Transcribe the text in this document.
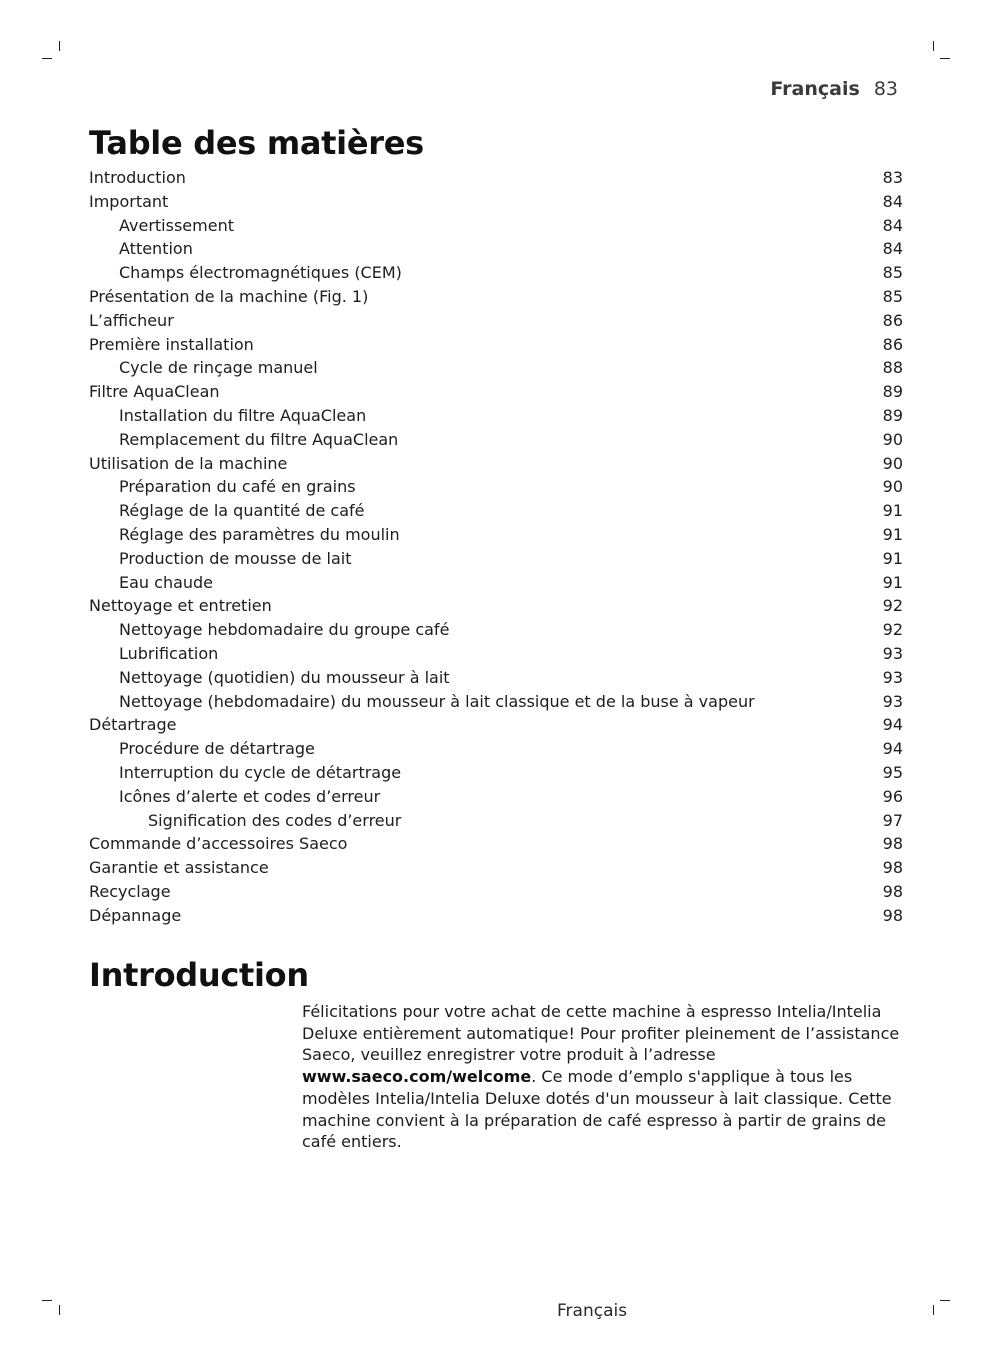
Français 83
Table des matières
Introduction	83
Important	84
Avertissement	84
Attention	84
Champs électromagnétiques (CEM)	85
Présentation de la machine (Fig. 1)	85
L’afficheur	86
Première installation	86
Cycle de rinçage manuel	88
Filtre AquaClean	89
Installation du filtre AquaClean	89
Remplacement du filtre AquaClean	90
Utilisation de la machine	90
Préparation du café en grains	90
Réglage de la quantité de café	91
Réglage des paramètres du moulin	91
Production de mousse de lait	91
Eau chaude	91
Nettoyage et entretien	92
Nettoyage hebdomadaire du groupe café	92
Lubrification	93
Nettoyage (quotidien) du mousseur à lait	93
Nettoyage (hebdomadaire) du mousseur à lait classique et de la buse à vapeur	93
Détartrage	94
Procédure de détartrage	94
Interruption du cycle de détartrage	95
Icônes d’alerte et codes d’erreur	96
Signification des codes d’erreur	97
Commande d’accessoires Saeco	98
Garantie et assistance	98
Recyclage	98
Dépannage	98
Introduction

Félicitations pour votre achat de cette machine à espresso Intelia/Intelia Deluxe entièrement automatique! Pour profiter pleinement de l’assistance Saeco, veuillez enregistrer votre produit à l’adresse www.saeco.com/welcome. Ce mode d’emplo s'applique à tous les modèles Intelia/Intelia Deluxe dotés d'un mousseur à lait classique. Cette machine convient à la préparation de café espresso à partir de grains de café entiers.

Français
